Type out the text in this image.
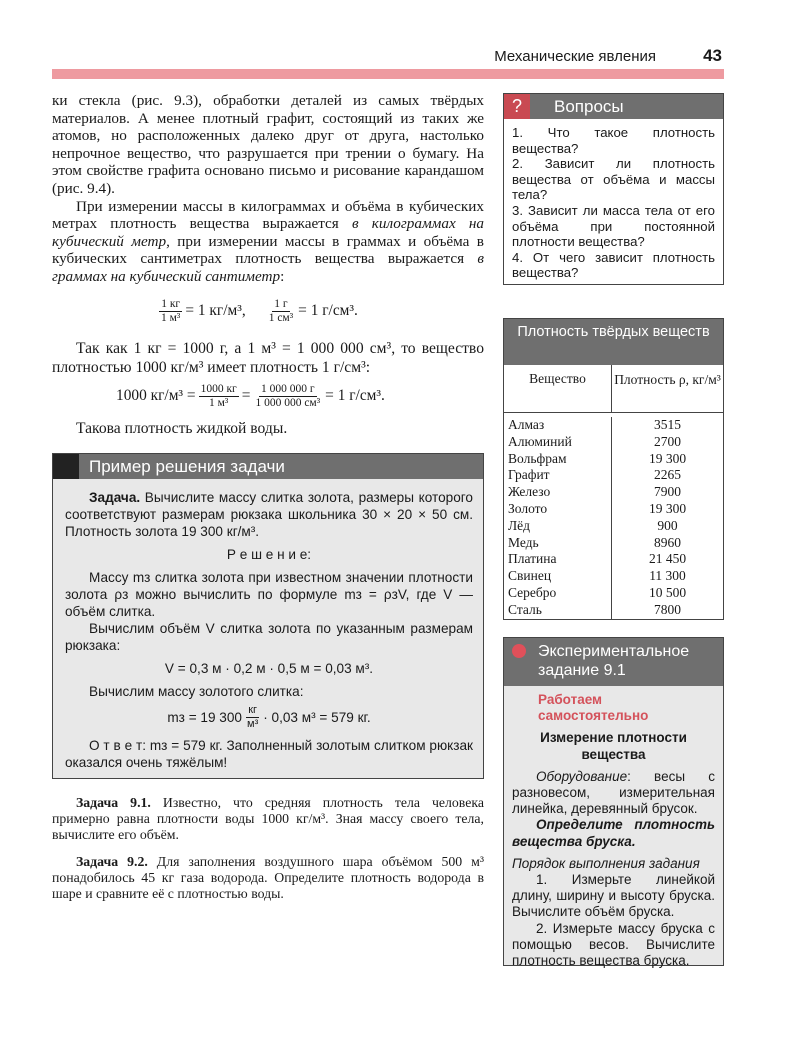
Механические явления	43

ки стекла (рис. 9.3), обработки деталей из самых твёрдых материалов. А менее плотный графит, состоящий из таких же атомов, но расположенных далеко друг от друга, настолько непрочное вещество, что разрушается при трении о бумагу. На этом свойстве графита основано письмо и рисование карандашом (рис. 9.4).

При измерении массы в килограммах и объёма в кубических метрах плотность вещества выражается в килограммах на кубический метр, при измерении массы в граммах и объёма в кубических сантиметрах плотность вещества выражается в граммах на кубический сантиметр:

$\frac{1 кг}{\text{1 м³}} = 1$ кг/м³, $\frac{1 г}{\text{1 см³}} = 1$ г/см³.

Так как 1 кг = 1000 г, а 1 м³ = 1 000 000 см³, то вещество плотностью 1000 кг/м³ имеет плотность 1 г/см³:

1000 $кг/м^3 = \frac{1000 кг}{\text{1 м³}} = \frac{1 000 000 г}{\text{1 000 000 см³}} = 1$ г/см³.

Такова плотность жидкой воды.

Пример решения задачи

Задача. Вычислите массу слитка золота, размеры которого соответствуют размерам рюкзака школьника 30 × 20 × 50 см. Плотность золота 19 300 кг/м³.

Р е ш е н и е:

Массу mз слитка золота при известном значении плотности золота ρз можно вычислить по формуле mз = ρзV, где V — объём слитка.

Вычислим объём V слитка золота по указанным размерам рюкзака:

V = 0,3 м · 0,2 м · 0,5 м = 0,03 м³.

Вычислим массу золотого слитка:

mз = 19 $300 \frac{кг}{\text{м³}} \cdot 0,03$ м³ = 579 кг.

О т в е т: mз = 579 кг. Заполненный золотым слитком рюкзак оказался очень тяжёлым!

Задача 9.1. Известно, что средняя плотность тела человека примерно равна плотности воды 1000 кг/м³. Зная массу своего тела, вычислите его объём.

Задача 9.2. Для заполнения воздушного шара объёмом 500 м³ понадобилось 45 кг газа водорода. Определите плотность водорода в шаре и сравните её с плотностью воды.

?	Вопросы

1. Что такое плотность вещества?

2. Зависит ли плотность вещества от объёма и массы тела?

3. Зависит ли масса тела от его объёма при постоянной плотности вещества?

4. От чего зависит плотность вещества?

Плотность твёрдых веществ
Вещество	Плотность ρ, кг/м³
Алмаз	3515
Алюминий	2700
Вольфрам	19 300
Графит	2265
Железо	7900
Золото	19 300
Лёд	900
Медь	8960
Платина	21 450
Свинец	11 300
Серебро	10 500
Сталь	7800
Экспериментальное задание 9.1

Работаем самостоятельно

Измерение плотности вещества

Оборудование: весы с разновесом, измерительная линейка, деревянный брусок.

Определите плотность вещества бруска.

Порядок выполнения задания

1. Измерьте линейкой длину, ширину и высоту бруска. Вычислите объём бруска.

2. Измерьте массу бруска с помощью весов. Вычислите плотность вещества бруска.
